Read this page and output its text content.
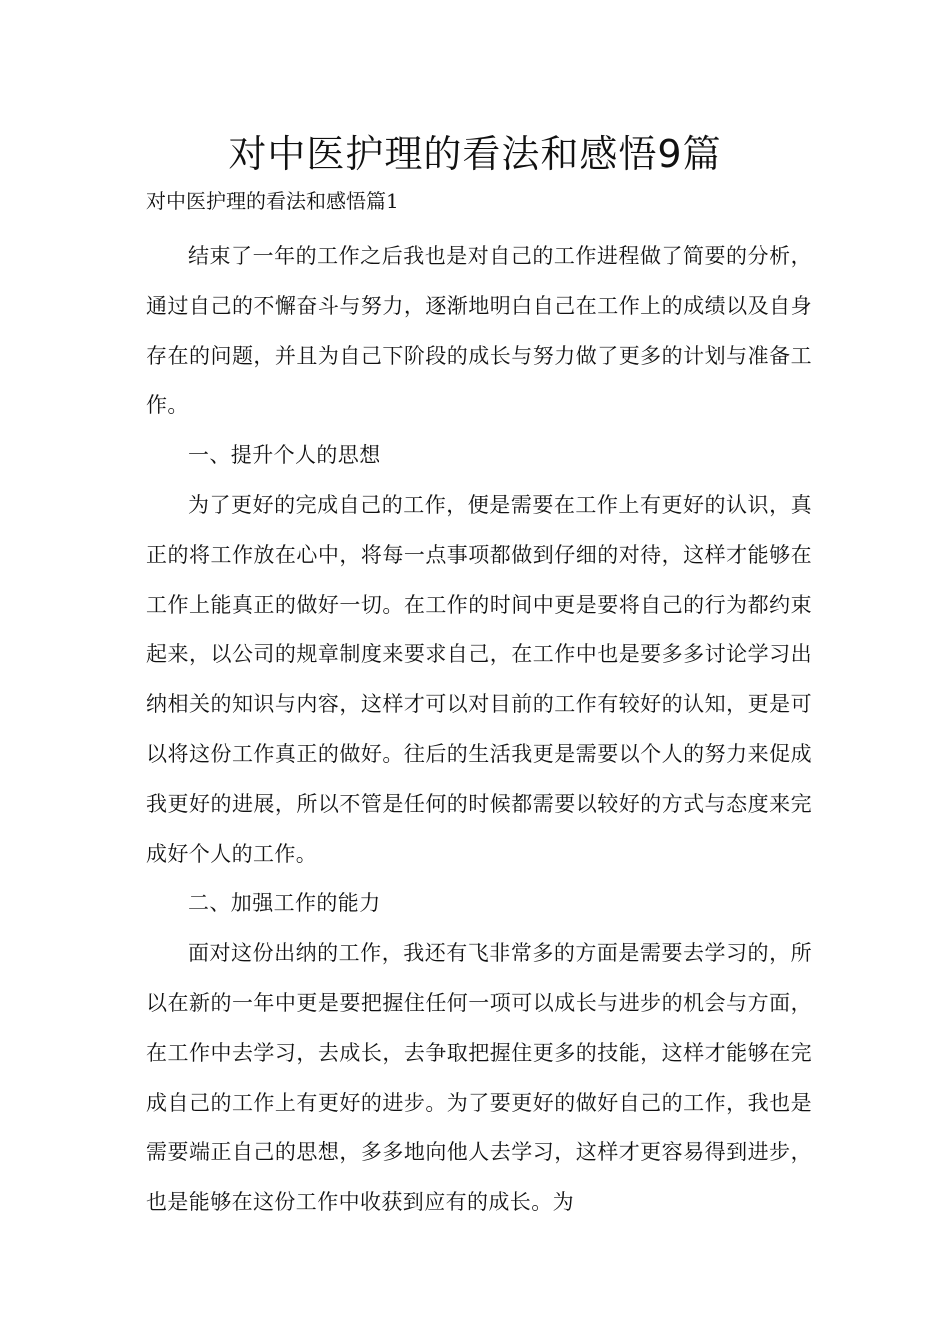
对中医护理的看法和感悟9篇

对中医护理的看法和感悟篇1

结束了一年的工作之后我也是对自己的工作进程做了简要的分析，通过自己的不懈奋斗与努力，逐渐地明白自己在工作上的成绩以及自身存在的问题，并且为自己下阶段的成长与努力做了更多的计划与准备工作。

一、提升个人的思想

为了更好的完成自己的工作，便是需要在工作上有更好的认识，真正的将工作放在心中，将每一点事项都做到仔细的对待，这样才能够在工作上能真正的做好一切。在工作的时间中更是要将自己的行为都约束起来，以公司的规章制度来要求自己，在工作中也是要多多讨论学习出纳相关的知识与内容，这样才可以对目前的工作有较好的认知，更是可以将这份工作真正的做好。往后的生活我更是需要以个人的努力来促成我更好的进展，所以不管是任何的时候都需要以较好的方式与态度来完成好个人的工作。

二、加强工作的能力

面对这份出纳的工作，我还有飞非常多的方面是需要去学习的，所以在新的一年中更是要把握住任何一项可以成长与进步的机会与方面，在工作中去学习，去成长，去争取把握住更多的技能，这样才能够在完成自己的工作上有更好的进步。为了要更好的做好自己的工作，我也是需要端正自己的思想，多多地向他人去学习，这样才更容易得到进步，也是能够在这份工作中收获到应有的成长。为
